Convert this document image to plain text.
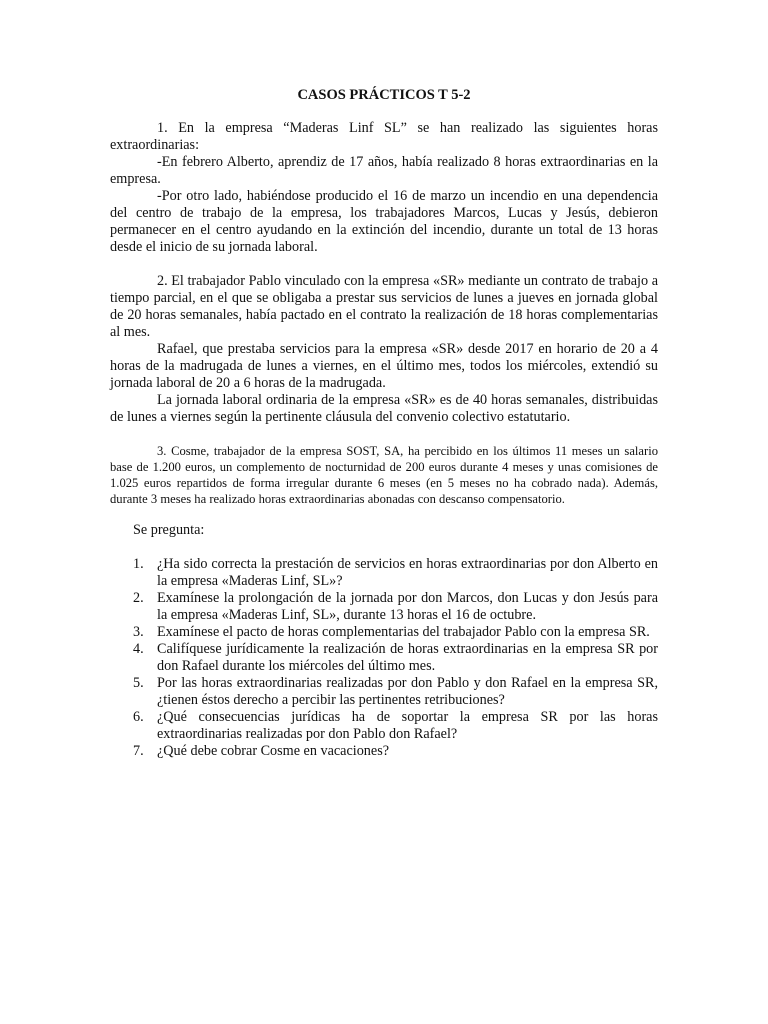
CASOS PRÁCTICOS T 5-2

1. En la empresa “Maderas Linf SL” se han realizado las siguientes horas extraordinarias:

-En febrero Alberto, aprendiz de 17 años, había realizado 8 horas extraordinarias en la empresa.

-Por otro lado, habiéndose producido el 16 de marzo un incendio en una dependencia del centro de trabajo de la empresa, los trabajadores Marcos, Lucas y Jesús, debieron permanecer en el centro ayudando en la extinción del incendio, durante un total de 13 horas desde el inicio de su jornada laboral.

2. El trabajador Pablo vinculado con la empresa «SR» mediante un contrato de trabajo a tiempo parcial, en el que se obligaba a prestar sus servicios de lunes a jueves en jornada global de 20 horas semanales, había pactado en el contrato la realización de 18 horas complementarias al mes.

Rafael, que prestaba servicios para la empresa «SR» desde 2017 en horario de 20 a 4 horas de la madrugada de lunes a viernes, en el último mes, todos los miércoles, extendió su jornada laboral de 20 a 6 horas de la madrugada.

La jornada laboral ordinaria de la empresa «SR» es de 40 horas semanales, distribuidas de lunes a viernes según la pertinente cláusula del convenio colectivo estatutario.

3. Cosme, trabajador de la empresa SOST, SA, ha percibido en los últimos 11 meses un salario base de 1.200 euros, un complemento de nocturnidad de 200 euros durante 4 meses y unas comisiones de 1.025 euros repartidos de forma irregular durante 6 meses (en 5 meses no ha cobrado nada). Además, durante 3 meses ha realizado horas extraordinarias abonadas con descanso compensatorio.

Se pregunta:

1. ¿Ha sido correcta la prestación de servicios en horas extraordinarias por don Alberto en la empresa «Maderas Linf, SL»?
2. Examínese la prolongación de la jornada por don Marcos, don Lucas y don Jesús para la empresa «Maderas Linf, SL», durante 13 horas el 16 de octubre.
3. Examínese el pacto de horas complementarias del trabajador Pablo con la empresa SR.
4. Califíquese jurídicamente la realización de horas extraordinarias en la empresa SR por don Rafael durante los miércoles del último mes.
5. Por las horas extraordinarias realizadas por don Pablo y don Rafael en la empresa SR, ¿tienen éstos derecho a percibir las pertinentes retribuciones?
6. ¿Qué consecuencias jurídicas ha de soportar la empresa SR por las horas extraordinarias realizadas por don Pablo don Rafael?
7. ¿Qué debe cobrar Cosme en vacaciones?
